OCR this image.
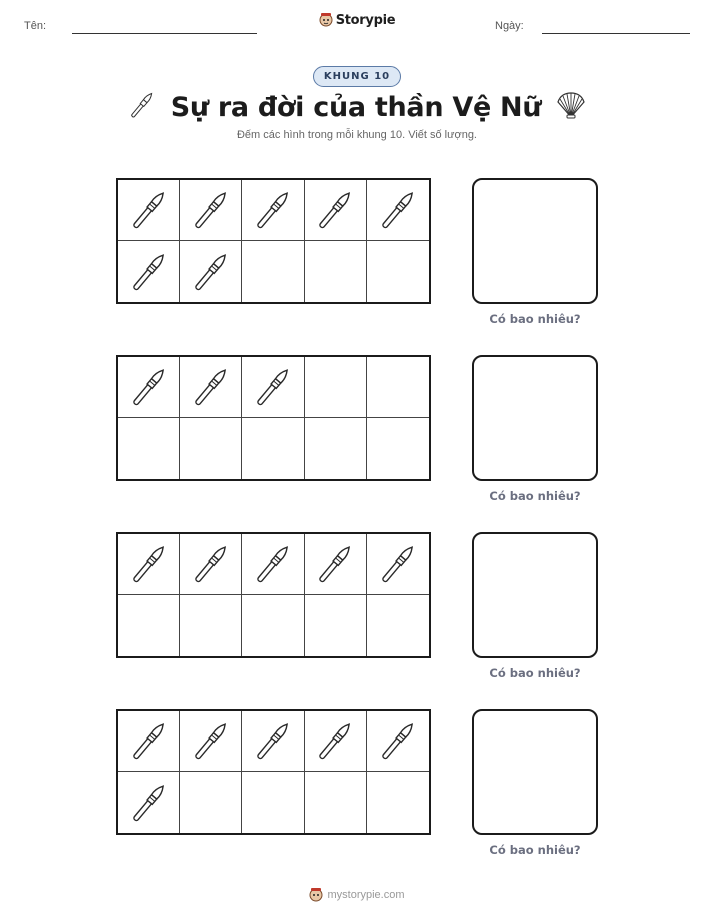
Tên:	Ngày:
Storypie
KHUNG 10
Sự ra đời của thần Vệ Nữ
Đếm các hình trong mỗi khung 10. Viết số lượng.
Có bao nhiêu?
Có bao nhiêu?
Có bao nhiêu?
Có bao nhiêu?
mystorypie.com
